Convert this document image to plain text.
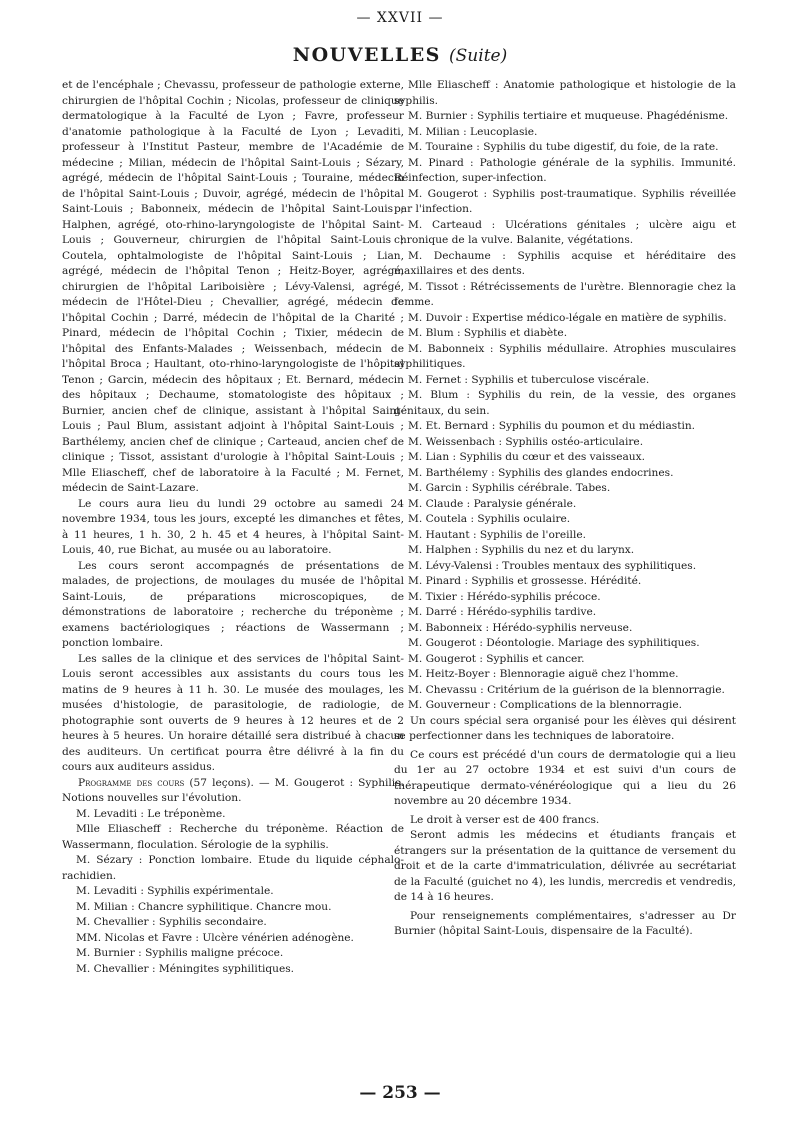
— XXVII —
NOUVELLES (Suite)

et de l'encéphale ; Chevassu, professeur de pathologie externe, chirurgien de l'hôpital Cochin ; Nicolas, professeur de clinique dermatologique à la Faculté de Lyon ; Favre, professeur d'anatomie pathologique à la Faculté de Lyon ; Levaditi, professeur à l'Institut Pasteur, membre de l'Académie de médecine ; Milian, médecin de l'hôpital Saint-Louis ; Sézary, agrégé, médecin de l'hôpital Saint-Louis ; Touraine, médecin de l'hôpital Saint-Louis ; Duvoir, agrégé, médecin de l'hôpital Saint-Louis ; Babonneix, médecin de l'hôpital Saint-Louis ; Halphen, agrégé, oto-rhino-laryngologiste de l'hôpital Saint-Louis ; Gouverneur, chirurgien de l'hôpital Saint-Louis ; Coutela, ophtalmologiste de l'hôpital Saint-Louis ; Lian, agrégé, médecin de l'hôpital Tenon ; Heitz-Boyer, agrégé, chirurgien de l'hôpital Lariboisière ; Lévy-Valensi, agrégé, médecin de l'Hôtel-Dieu ; Chevallier, agrégé, médecin de l'hôpital Cochin ; Darré, médecin de l'hôpital de la Charité ; Pinard, médecin de l'hôpital Cochin ; Tixier, médecin de l'hôpital des Enfants-Malades ; Weissenbach, médecin de l'hôpital Broca ; Haultant, oto-rhino-laryngologiste de l'hôpital Tenon ; Garcin, médecin des hôpitaux ; Et. Bernard, médecin des hôpitaux ; Dechaume, stomatologiste des hôpitaux ; Burnier, ancien chef de clinique, assistant à l'hôpital Saint-Louis ; Paul Blum, assistant adjoint à l'hôpital Saint-Louis ; Barthélemy, ancien chef de clinique ; Carteaud, ancien chef de clinique ; Tissot, assistant d'urologie à l'hôpital Saint-Louis ; Mlle Eliascheff, chef de laboratoire à la Faculté ; M. Fernet, médecin de Saint-Lazare.

Le cours aura lieu du lundi 29 octobre au samedi 24 novembre 1934, tous les jours, excepté les dimanches et fêtes, à 11 heures, 1 h. 30, 2 h. 45 et 4 heures, à l'hôpital Saint-Louis, 40, rue Bichat, au musée ou au laboratoire.

Les cours seront accompagnés de présentations de malades, de projections, de moulages du musée de l'hôpital Saint-Louis, de préparations microscopiques, de démonstrations de laboratoire ; recherche du tréponème ; examens bactériologiques ; réactions de Wassermann ; ponction lombaire.

Les salles de la clinique et des services de l'hôpital Saint-Louis seront accessibles aux assistants du cours tous les matins de 9 heures à 11 h. 30. Le musée des moulages, les musées d'histologie, de parasitologie, de radiologie, de photographie sont ouverts de 9 heures à 12 heures et de 2 heures à 5 heures. Un horaire détaillé sera distribué à chacun des auditeurs. Un certificat pourra être délivré à la fin du cours aux auditeurs assidus.

Programme des cours (57 leçons). — M. Gougerot : Syphilis. Notions nouvelles sur l'évolution.

M. Levaditi : Le tréponème.

Mlle Eliascheff : Recherche du tréponème. Réaction de Wassermann, floculation. Sérologie de la syphilis.

M. Sézary : Ponction lombaire. Etude du liquide céphalo-rachidien.

M. Levaditi : Syphilis expérimentale.

M. Milian : Chancre syphilitique. Chancre mou.

M. Chevallier : Syphilis secondaire.

MM. Nicolas et Favre : Ulcère vénérien adénogène.

M. Burnier : Syphilis maligne précoce.

M. Chevallier : Méningites syphilitiques.

Mlle Eliascheff : Anatomie pathologique et histologie de la syphilis.

M. Burnier : Syphilis tertiaire et muqueuse. Phagédénisme.

M. Milian : Leucoplasie.

M. Touraine : Syphilis du tube digestif, du foie, de la rate.

M. Pinard : Pathologie générale de la syphilis. Immunité. Réinfection, super-infection.

M. Gougerot : Syphilis post-traumatique. Syphilis réveillée par l'infection.

M. Carteaud : Ulcérations génitales ; ulcère aigu et chronique de la vulve. Balanite, végétations.

M. Dechaume : Syphilis acquise et héréditaire des maxillaires et des dents.

M. Tissot : Rétrécissements de l'urètre. Blennoragie chez la femme.

M. Duvoir : Expertise médico-légale en matière de syphilis.

M. Blum : Syphilis et diabète.

M. Babonneix : Syphilis médullaire. Atrophies musculaires syphilitiques.

M. Fernet : Syphilis et tuberculose viscérale.

M. Blum : Syphilis du rein, de la vessie, des organes génitaux, du sein.

M. Et. Bernard : Syphilis du poumon et du médiastin.

M. Weissenbach : Syphilis ostéo-articulaire.

M. Lian : Syphilis du cœur et des vaisseaux.

M. Barthélemy : Syphilis des glandes endocrines.

M. Garcin : Syphilis cérébrale. Tabes.

M. Claude : Paralysie générale.

M. Coutela : Syphilis oculaire.

M. Hautant : Syphilis de l'oreille.

M. Halphen : Syphilis du nez et du larynx.

M. Lévy-Valensi : Troubles mentaux des syphilitiques.

M. Pinard : Syphilis et grossesse. Hérédité.

M. Tixier : Hérédo-syphilis précoce.

M. Darré : Hérédo-syphilis tardive.

M. Babonneix : Hérédo-syphilis nerveuse.

M. Gougerot : Déontologie. Mariage des syphilitiques.

M. Gougerot : Syphilis et cancer.

M. Heitz-Boyer : Blennoragie aiguë chez l'homme.

M. Chevassu : Critérium de la guérison de la blennorragie.

M. Gouverneur : Complications de la blennorragie.

Un cours spécial sera organisé pour les élèves qui désirent se perfectionner dans les techniques de laboratoire.

Ce cours est précédé d'un cours de dermatologie qui a lieu du 1er au 27 octobre 1934 et est suivi d'un cours de thérapeutique dermato-vénéréologique qui a lieu du 26 novembre au 20 décembre 1934.

Le droit à verser est de 400 francs.

Seront admis les médecins et étudiants français et étrangers sur la présentation de la quittance de versement du droit et de la carte d'immatriculation, délivrée au secrétariat de la Faculté (guichet no 4), les lundis, mercredis et vendredis, de 14 à 16 heures.

Pour renseignements complémentaires, s'adresser au Dr Burnier (hôpital Saint-Louis, dispensaire de la Faculté).

— 253 —
